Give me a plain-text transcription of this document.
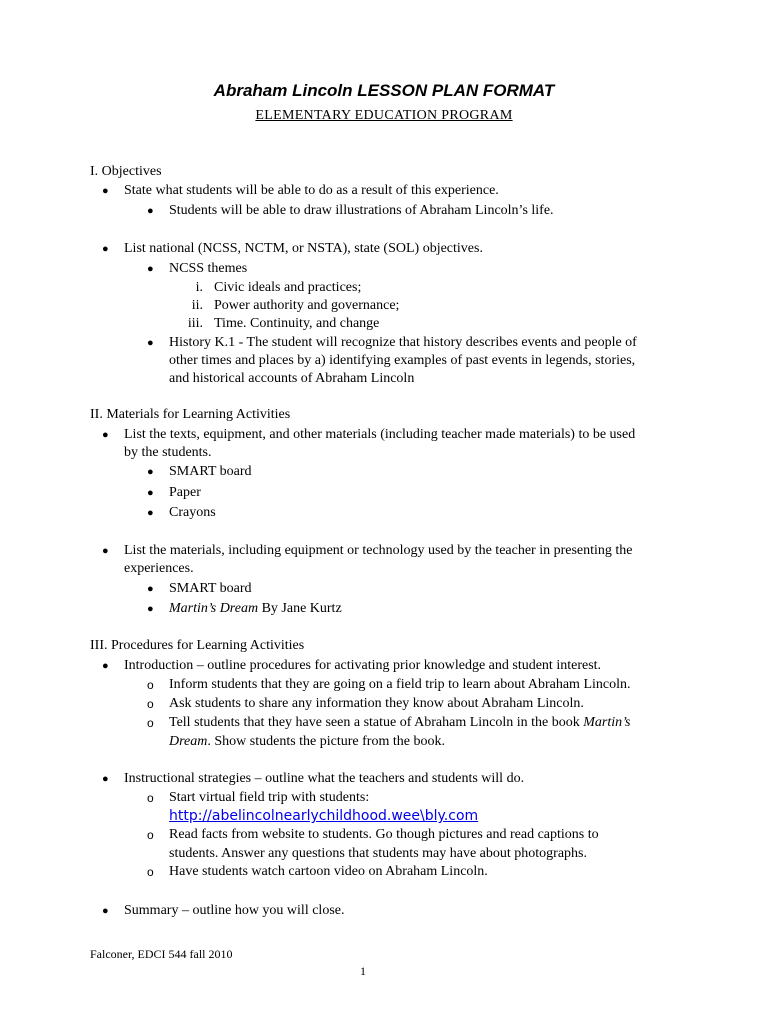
Abraham Lincoln LESSON PLAN FORMAT
ELEMENTARY EDUCATION PROGRAM
I. Objectives
● State what students will be able to do as a result of this experience.
● Students will be able to draw illustrations of Abraham Lincoln’s life.
● List national (NCSS, NCTM, or NSTA), state (SOL) objectives.
● NCSS themes
i. Civic ideals and practices;
ii. Power authority and governance;
iii. Time. Continuity, and change
● History K.1 - The student will recognize that history describes events and people of
other times and places by a) identifying examples of past events in legends, stories,
and historical accounts of Abraham Lincoln
II. Materials for Learning Activities
● List the texts, equipment, and other materials (including teacher made materials) to be used
by the students.
● SMART board
● Paper
● Crayons
● List the materials, including equipment or technology used by the teacher in presenting the
experiences.
● SMART board
● Martin’s Dream By Jane Kurtz
III. Procedures for Learning Activities
● Introduction – outline procedures for activating prior knowledge and student interest.
o Inform students that they are going on a field trip to learn about Abraham Lincoln.
o Ask students to share any information they know about Abraham Lincoln.
o Tell students that they have seen a statue of Abraham Lincoln in the book Martin’s
Dream. Show students the picture from the book.
● Instructional strategies – outline what the teachers and students will do.
o Start virtual field trip with students:
http://abelincolnearlychildhood.wee\bly.com
o Read facts from website to students. Go though pictures and read captions to
students. Answer any questions that students may have about photographs.
o Have students watch cartoon video on Abraham Lincoln.
● Summary – outline how you will close.
Falconer, EDCI 544 fall 2010
1
